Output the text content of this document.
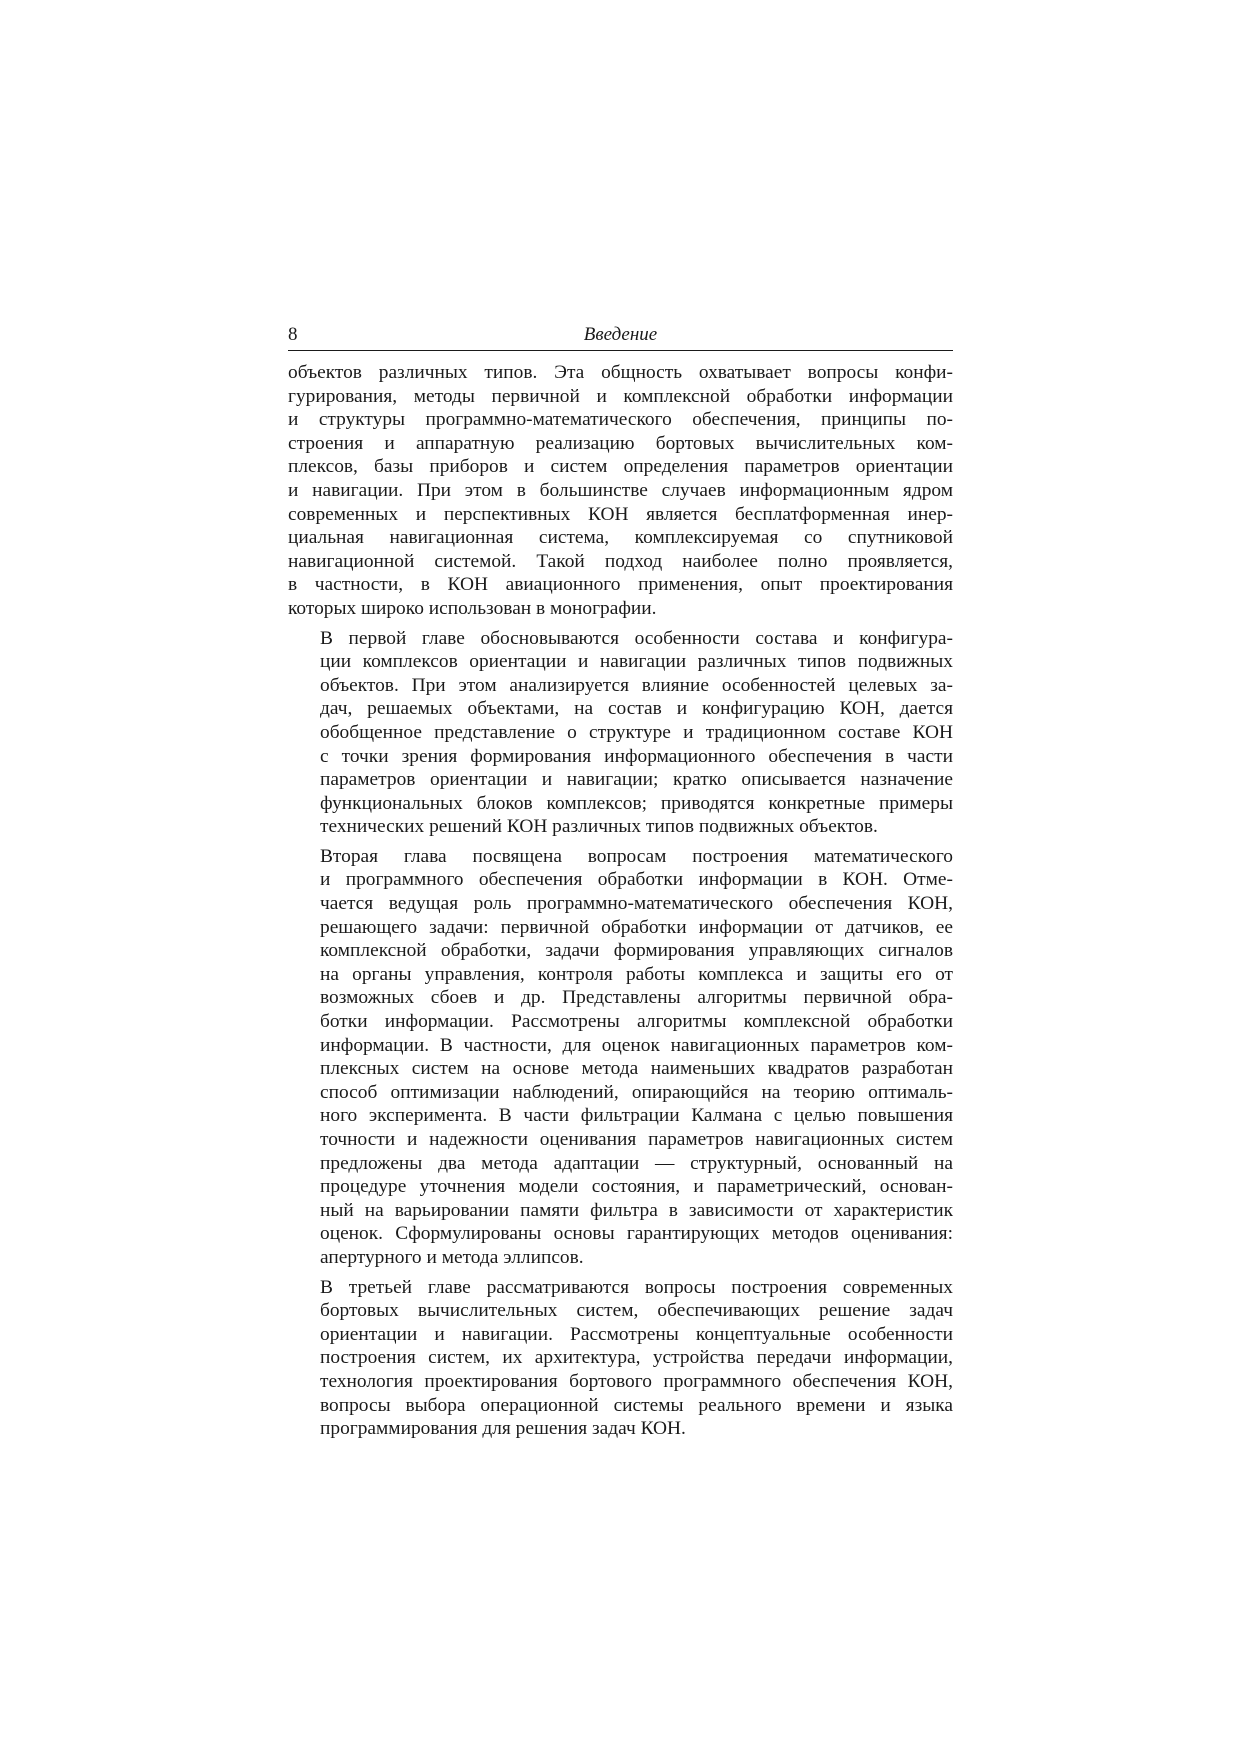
8	Введение

объектов различных типов. Эта общность охватывает вопросы конфи-
гурирования, методы первичной и комплексной обработки информации
и структуры программно-математического обеспечения, принципы по-
строения и аппаратную реализацию бортовых вычислительных ком-
плексов, базы приборов и систем определения параметров ориентации
и навигации. При этом в большинстве случаев информационным ядром
современных и перспективных КОН является бесплатформенная инер-
циальная навигационная система, комплексируемая со спутниковой
навигационной системой. Такой подход наиболее полно проявляется,
в частности, в КОН авиационного применения, опыт проектирования
которых широко использован в монографии.

В первой главе обосновываются особенности состава и конфигура-
ции комплексов ориентации и навигации различных типов подвижных
объектов. При этом анализируется влияние особенностей целевых за-
дач, решаемых объектами, на состав и конфигурацию КОН, дается
обобщенное представление о структуре и традиционном составе КОН
с точки зрения формирования информационного обеспечения в части
параметров ориентации и навигации; кратко описывается назначение
функциональных блоков комплексов; приводятся конкретные примеры
технических решений КОН различных типов подвижных объектов.

Вторая глава посвящена вопросам построения математического
и программного обеспечения обработки информации в КОН. Отме-
чается ведущая роль программно-математического обеспечения КОН,
решающего задачи: первичной обработки информации от датчиков, ее
комплексной обработки, задачи формирования управляющих сигналов
на органы управления, контроля работы комплекса и защиты его от
возможных сбоев и др. Представлены алгоритмы первичной обра-
ботки информации. Рассмотрены алгоритмы комплексной обработки
информации. В частности, для оценок навигационных параметров ком-
плексных систем на основе метода наименьших квадратов разработан
способ оптимизации наблюдений, опирающийся на теорию оптималь-
ного эксперимента. В части фильтрации Калмана с целью повышения
точности и надежности оценивания параметров навигационных систем
предложены два метода адаптации — структурный, основанный на
процедуре уточнения модели состояния, и параметрический, основан-
ный на варьировании памяти фильтра в зависимости от характеристик
оценок. Сформулированы основы гарантирующих методов оценивания:
апертурного и метода эллипсов.

В третьей главе рассматриваются вопросы построения современных
бортовых вычислительных систем, обеспечивающих решение задач
ориентации и навигации. Рассмотрены концептуальные особенности
построения систем, их архитектура, устройства передачи информации,
технология проектирования бортового программного обеспечения КОН,
вопросы выбора операционной системы реального времени и языка
программирования для решения задач КОН.
